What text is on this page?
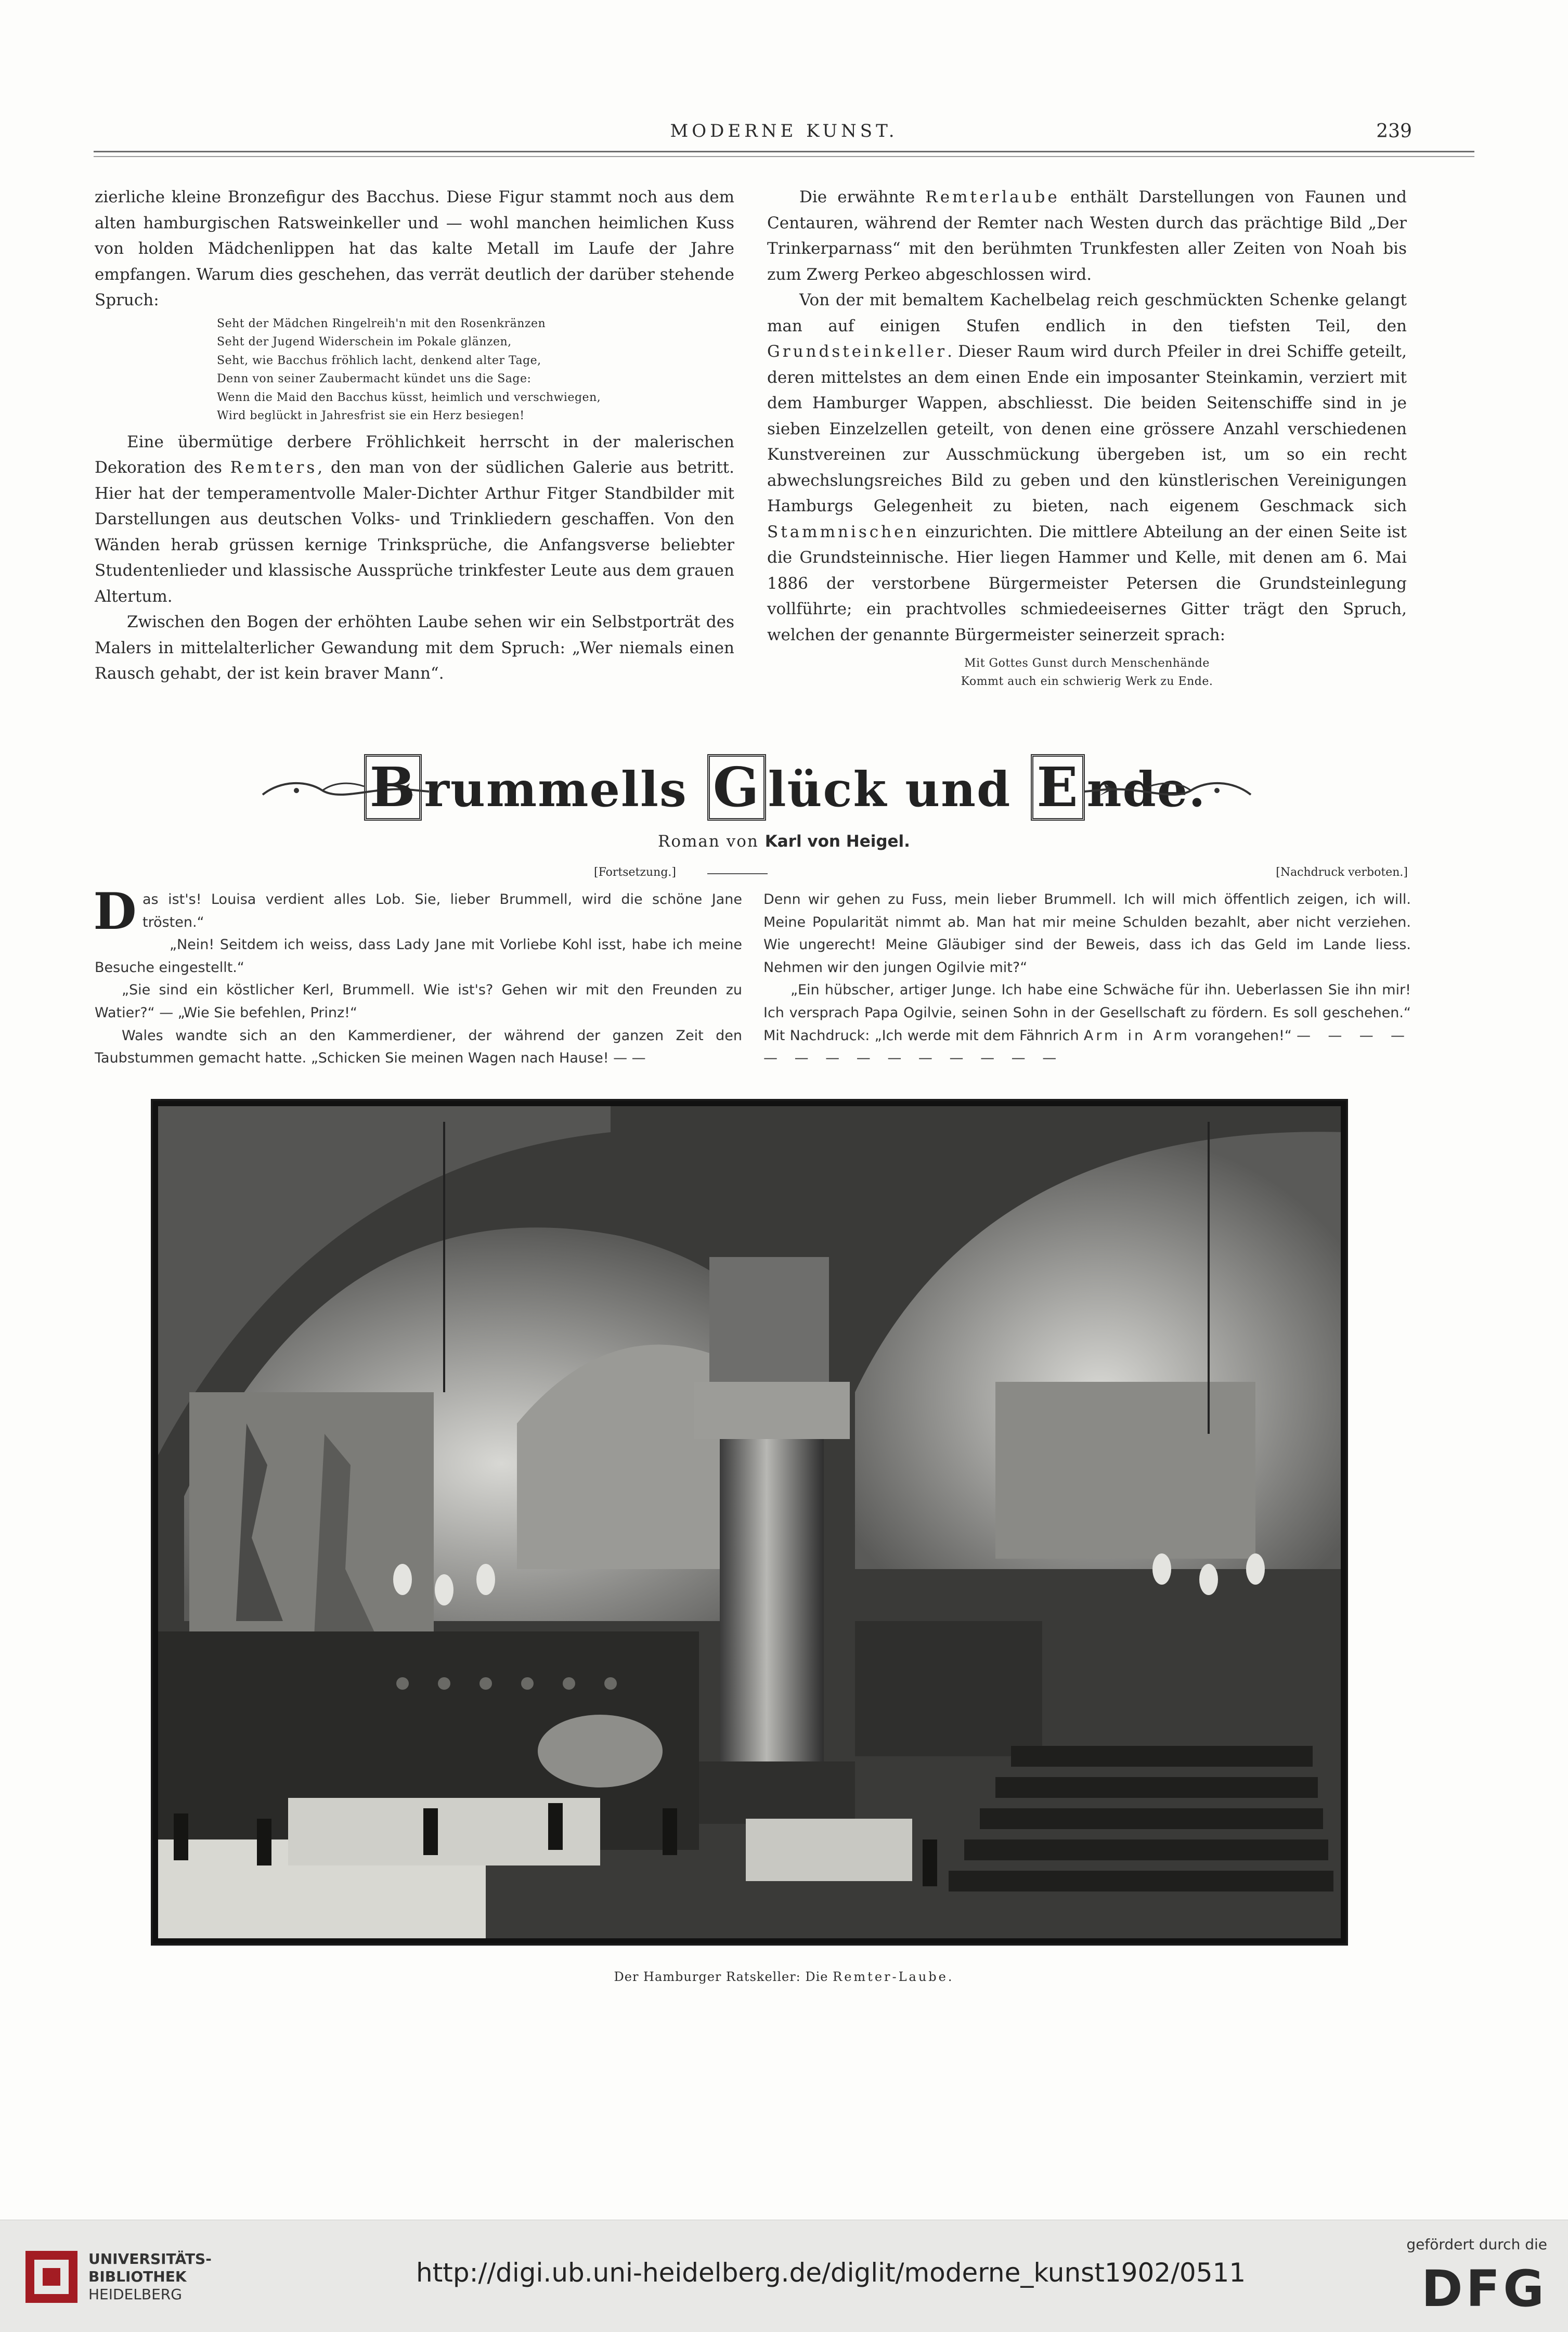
MODERNE KUNST.	239

zierliche kleine Bronzefigur des Bacchus. Diese Figur stammt noch aus dem alten hamburgischen Ratsweinkeller und — wohl manchen heimlichen Kuss von holden Mädchenlippen hat das kalte Metall im Laufe der Jahre empfangen. Warum dies geschehen, das verrät deutlich der darüber stehende Spruch:

Seht der Mädchen Ringelreih'n mit den Rosenkränzen
Seht der Jugend Widerschein im Pokale glänzen,
Seht, wie Bacchus fröhlich lacht, denkend alter Tage,
Denn von seiner Zaubermacht kündet uns die Sage:
Wenn die Maid den Bacchus küsst, heimlich und verschwiegen,
Wird beglückt in Jahresfrist sie ein Herz besiegen!

Eine übermütige derbere Fröhlichkeit herrscht in der malerischen Dekoration des Remters, den man von der südlichen Galerie aus betritt. Hier hat der temperamentvolle Maler-Dichter Arthur Fitger Standbilder mit Darstellungen aus deutschen Volks- und Trinkliedern geschaffen. Von den Wänden herab grüssen kernige Trinksprüche, die Anfangsverse beliebter Studentenlieder und klassische Aussprüche trinkfester Leute aus dem grauen Altertum.

Zwischen den Bogen der erhöhten Laube sehen wir ein Selbstporträt des Malers in mittelalterlicher Gewandung mit dem Spruch: „Wer niemals einen Rausch gehabt, der ist kein braver Mann“.

Die erwähnte Remterlaube enthält Darstellungen von Faunen und Centauren, während der Remter nach Westen durch das prächtige Bild „Der Trinkerparnass“ mit den berühmten Trunkfesten aller Zeiten von Noah bis zum Zwerg Perkeo abgeschlossen wird.

Von der mit bemaltem Kachelbelag reich geschmückten Schenke gelangt man auf einigen Stufen endlich in den tiefsten Teil, den Grundsteinkeller. Dieser Raum wird durch Pfeiler in drei Schiffe geteilt, deren mittelstes an dem einen Ende ein imposanter Steinkamin, verziert mit dem Hamburger Wappen, abschliesst. Die beiden Seitenschiffe sind in je sieben Einzelzellen geteilt, von denen eine grössere Anzahl verschiedenen Kunstvereinen zur Ausschmückung übergeben ist, um so ein recht abwechslungsreiches Bild zu geben und den künstlerischen Vereinigungen Hamburgs Gelegenheit zu bieten, nach eigenem Geschmack sich Stammnischen einzurichten. Die mittlere Abteilung an der einen Seite ist die Grundsteinnische. Hier liegen Hammer und Kelle, mit denen am 6. Mai 1886 der verstorbene Bürgermeister Petersen die Grundsteinlegung vollführte; ein prachtvolles schmiedeeisernes Gitter trägt den Spruch, welchen der genannte Bürgermeister seinerzeit sprach:

Mit Gottes Gunst durch Menschenhände
Kommt auch ein schwierig Werk zu Ende.
B rummells G lück und E nde.
Roman von Karl von Heigel.
[Fortsetzung.]	[Nachdruck verboten.]

Das ist's! Louisa verdient alles Lob. Sie, lieber Brummell, wird die schöne Jane trösten.“

„Nein! Seitdem ich weiss, dass Lady Jane mit Vorliebe Kohl isst, habe ich meine Besuche eingestellt.“

„Sie sind ein köstlicher Kerl, Brummell. Wie ist's? Gehen wir mit den Freunden zu Watier?“ — „Wie Sie befehlen, Prinz!“

Wales wandte sich an den Kammerdiener, der während der ganzen Zeit den Taubstummen gemacht hatte. „Schicken Sie meinen Wagen nach Hause! — —

Denn wir gehen zu Fuss, mein lieber Brummell. Ich will mich öffentlich zeigen, ich will. Meine Popularität nimmt ab. Man hat mir meine Schulden bezahlt, aber nicht verziehen. Wie ungerecht! Meine Gläubiger sind der Beweis, dass ich das Geld im Lande liess. Nehmen wir den jungen Ogilvie mit?“

„Ein hübscher, artiger Junge. Ich habe eine Schwäche für ihn. Ueberlassen Sie ihn mir! Ich versprach Papa Ogilvie, seinen Sohn in der Gesellschaft zu fördern. Es soll geschehen.“ Mit Nachdruck: „Ich werde mit dem Fähnrich Arm in Arm vorangehen!“ — — — — — — — — — — — — — —

Der Hamburger Ratskeller: Die Remter-Laube.
UNIVERSITÄTS-
BIBLIOTHEK
HEIDELBERG
http://digi.ub.uni-heidelberg.de/diglit/moderne_kunst1902/0511
gefördert durch die
DFG
